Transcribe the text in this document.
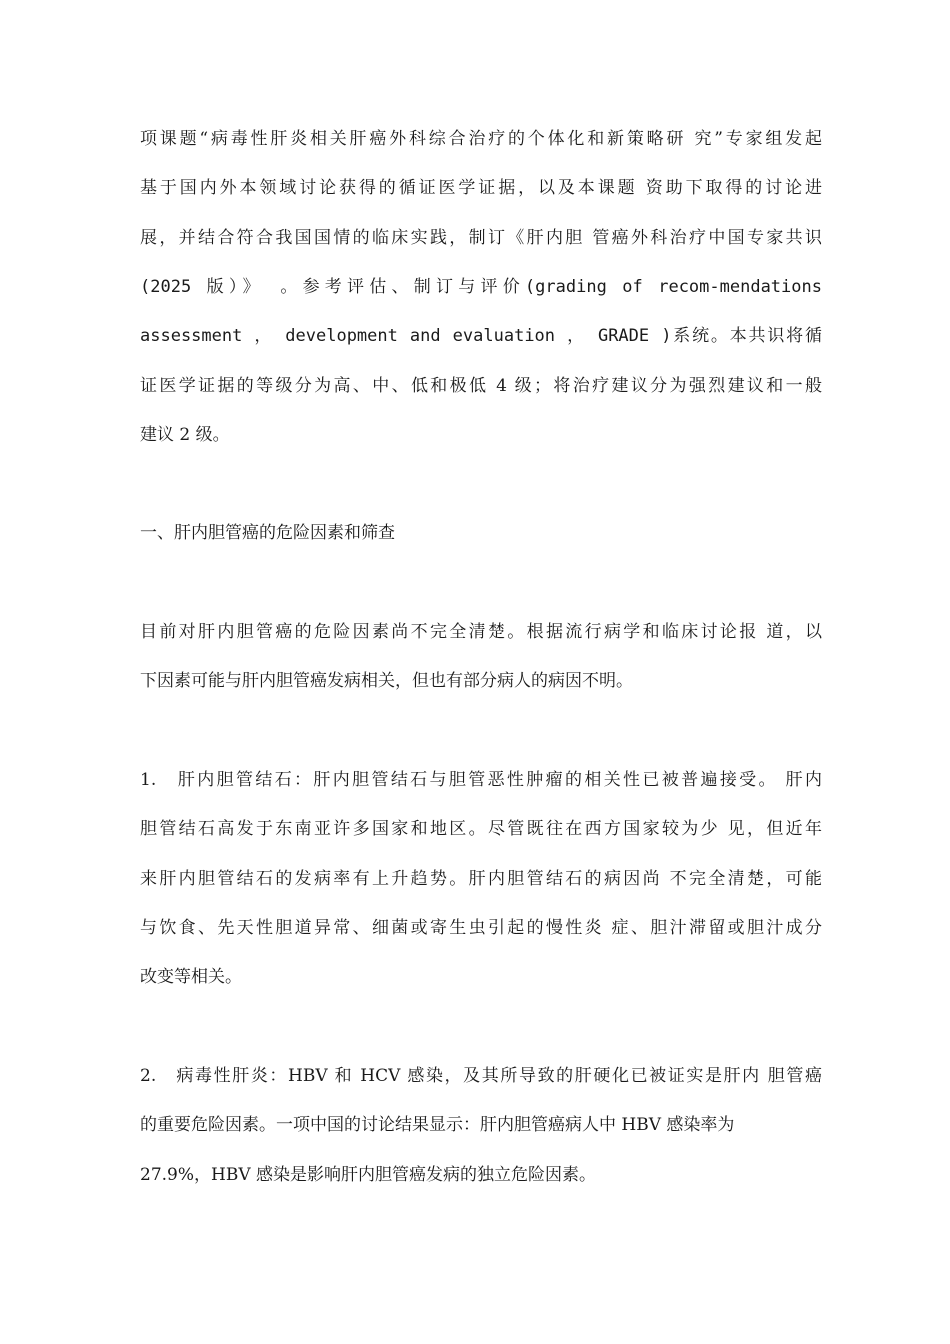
项课题“病毒性肝炎相关肝癌外科综合治疗的个体化和新策略研 究”专家组发起

基于国内外本领域讨论获得的循证医学证据，以及本课题 资助下取得的讨论进

展，并结合符合我国国情的临床实践，制订《肝内胆 管癌外科治疗中国专家共识

(2025 版）》 。参考评估、制订与评价(grading of recom-mendations

assessment ， development and evaluation ， GRADE )系统。本共识将循

证医学证据的等级分为高、中、低和极低 4 级；将治疗建议分为强烈建议和一般

建议 2 级。

一、肝内胆管癌的危险因素和筛查

目前对肝内胆管癌的危险因素尚不完全清楚。根据流行病学和临床讨论报 道，以

下因素可能与肝内胆管癌发病相关，但也有部分病人的病因不明。

1.　肝内胆管结石：肝内胆管结石与胆管恶性肿瘤的相关性已被普遍接受。 肝内

胆管结石高发于东南亚许多国家和地区。尽管既往在西方国家较为少 见，但近年

来肝内胆管结石的发病率有上升趋势。肝内胆管结石的病因尚 不完全清楚，可能

与饮食、先天性胆道异常、细菌或寄生虫引起的慢性炎 症、胆汁滞留或胆汁成分

改变等相关。

2.　病毒性肝炎：HBV 和 HCV 感染，及其所导致的肝硬化已被证实是肝内 胆管癌

的重要危险因素。一项中国的讨论结果显示：肝内胆管癌病人中 HBV 感染率为

27.9%，HBV 感染是影响肝内胆管癌发病的独立危险因素。
